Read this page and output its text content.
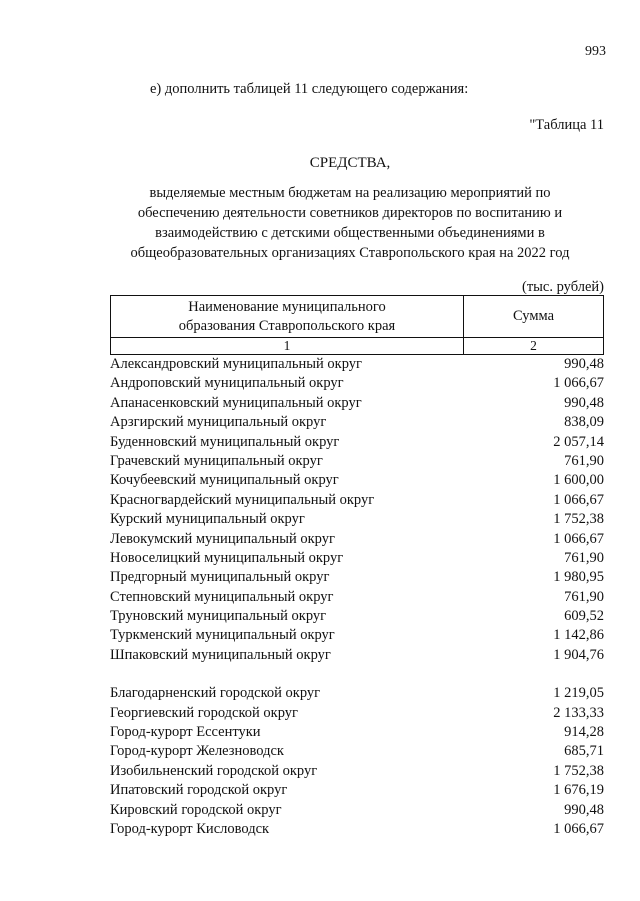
993
е) дополнить таблицей 11 следующего содержания:
"Таблица 11
СРЕДСТВА,
выделяемые местным бюджетам на реализацию мероприятий по
обеспечению деятельности советников директоров по воспитанию и
взаимодействию с детскими общественными объединениями в
общеобразовательных организациях Ставропольского края на 2022 год
(тыс. рублей)
Наименование муниципального
образования Ставропольского края	Сумма
1	2
Александровский муниципальный округ	990,48
Андроповский муниципальный округ	1 066,67
Апанасенковский муниципальный округ	990,48
Арзгирский муниципальный округ	838,09
Буденновский муниципальный округ	2 057,14
Грачевский муниципальный округ	761,90
Кочубеевский муниципальный округ	1 600,00
Красногвардейский муниципальный округ	1 066,67
Курский муниципальный округ	1 752,38
Левокумский муниципальный округ	1 066,67
Новоселицкий муниципальный округ	761,90
Предгорный муниципальный округ	1 980,95
Степновский муниципальный округ	761,90
Труновский муниципальный округ	609,52
Туркменский муниципальный округ	1 142,86
Шпаковский муниципальный округ	1 904,76
Благодарненский городской округ	1 219,05
Георгиевский городской округ	2 133,33
Город-курорт Ессентуки	914,28
Город-курорт Железноводск	685,71
Изобильненский городской округ	1 752,38
Ипатовский городской округ	1 676,19
Кировский городской округ	990,48
Город-курорт Кисловодск	1 066,67
